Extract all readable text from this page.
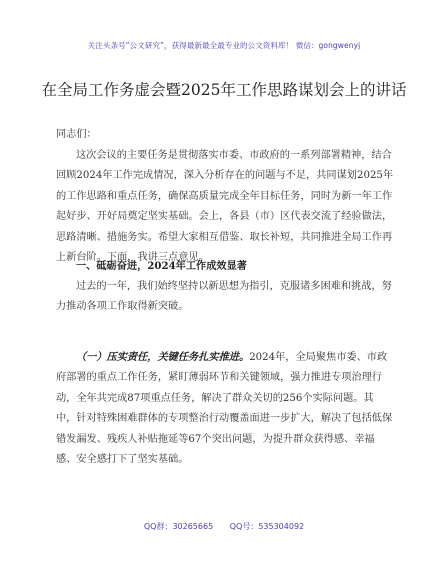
关注头条号“公文研究”，获得最新最全最专业的公文资料库！ 微信：gongwenyj
在全局工作务虚会暨2025年工作思路谋划会上的讲话

同志们：

这次会议的主要任务是贯彻落实市委、市政府的一系列部署精神，结合回顾2024年工作完成情况，深入分析存在的问题与不足，共同谋划2025年的工作思路和重点任务，确保高质量完成全年目标任务，同时为新一年工作起好步、开好局奠定坚实基础。会上，各县（市）区代表交流了经验做法，思路清晰、措施务实。希望大家相互借鉴、取长补短，共同推进全局工作再上新台阶。下面，我讲三点意见。

一、砥砺奋进，2024年工作成效显著

过去的一年，我们始终坚持以新思想为指引，克服诸多困难和挑战，努力推动各项工作取得新突破。

（一）压实责任，关键任务扎实推进。2024年，全局聚焦市委、市政府部署的重点工作任务，紧盯薄弱环节和关键领域，强力推进专项治理行动，全年共完成87项重点任务，解决了群众关切的256个实际问题。其中，针对特殊困难群体的专项整治行动覆盖面进一步扩大，解决了包括低保错发漏发、残疾人补贴拖延等67个突出问题，为提升群众获得感、幸福感、安全感打下了坚实基础。

QQ群：30265665 QQ号：535304092
